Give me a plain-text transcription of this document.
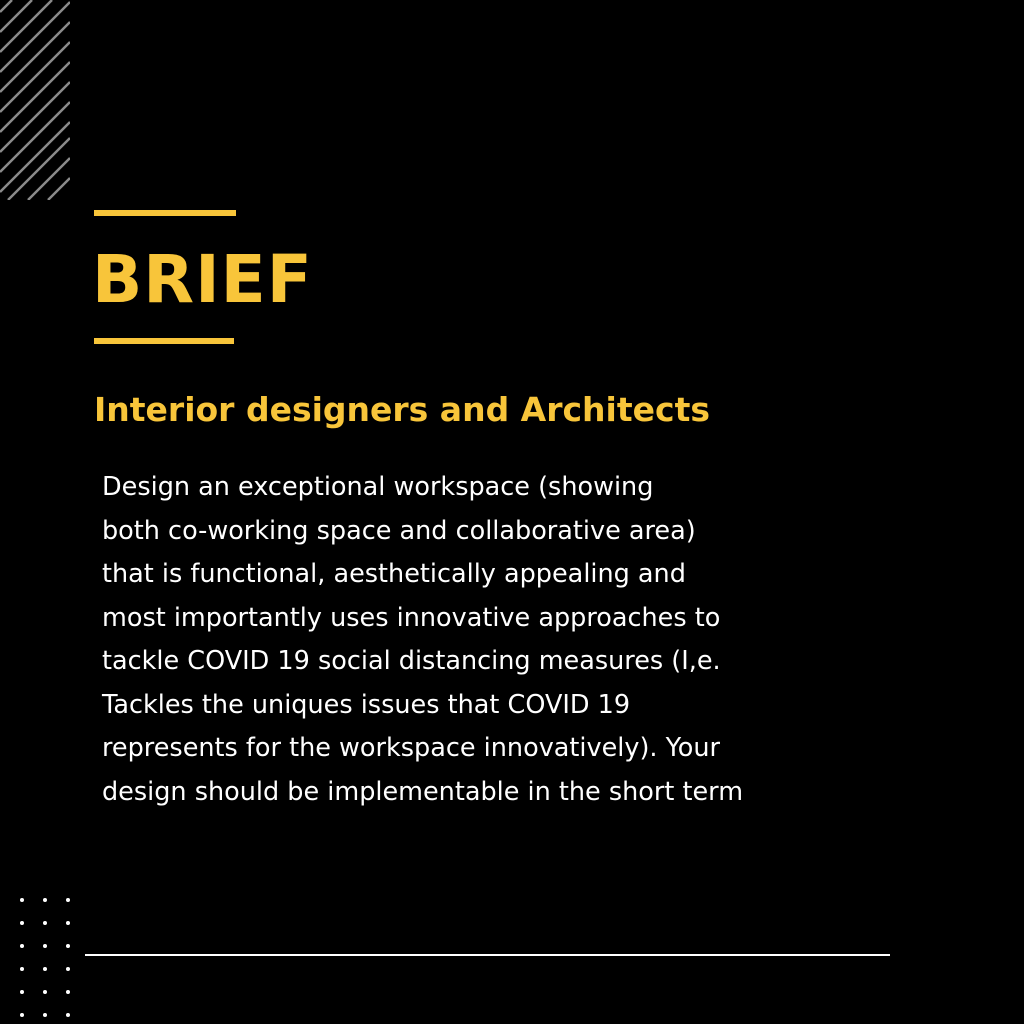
BRIEF
Interior designers and Architects

Design an exceptional workspace (showing
both co-working space and collaborative area)
that is functional, aesthetically appealing and
most importantly uses innovative approaches to
tackle COVID 19 social distancing measures (I,e.
Tackles the uniques issues that COVID 19
represents for the workspace innovatively). Your
design should be implementable in the short term
